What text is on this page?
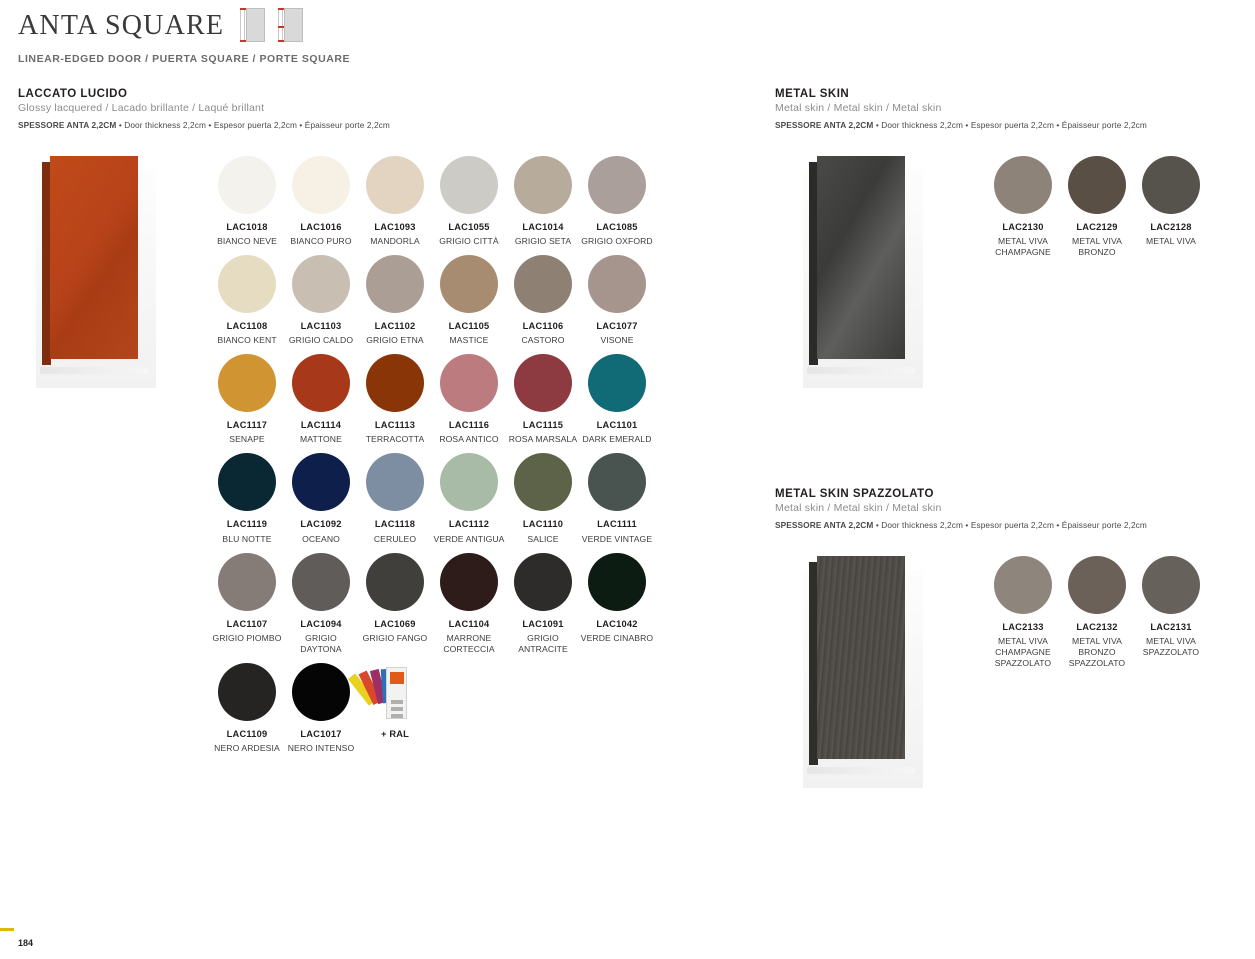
ANTA SQUARE
LINEAR-EDGED DOOR / PUERTA SQUARE / PORTE SQUARE
LACCATO LUCIDO
Glossy lacquered / Lacado brillante / Laqué brillant
SPESSORE ANTA 2,2CM • Door thickness 2,2cm • Espesor puerta 2,2cm • Épaisseur porte 2,2cm
LAC1018
BIANCO NEVE
LAC1016
BIANCO PURO
LAC1093
MANDORLA
LAC1055
GRIGIO CITTÀ
LAC1014
GRIGIO SETA
LAC1085
GRIGIO OXFORD
LAC1108
BIANCO KENT
LAC1103
GRIGIO CALDO
LAC1102
GRIGIO ETNA
LAC1105
MASTICE
LAC1106
CASTORO
LAC1077
VISONE
LAC1117
SENAPE
LAC1114
MATTONE
LAC1113
TERRACOTTA
LAC1116
ROSA ANTICO
LAC1115
ROSA MARSALA
LAC1101
DARK EMERALD
LAC1119
BLU NOTTE
LAC1092
OCEANO
LAC1118
CERULEO
LAC1112
VERDE ANTIGUA
LAC1110
SALICE
LAC1111
VERDE VINTAGE
LAC1107
GRIGIO PIOMBO
LAC1094
GRIGIO DAYTONA
LAC1069
GRIGIO FANGO
LAC1104
MARRONE CORTECCIA
LAC1091
GRIGIO ANTRACITE
LAC1042
VERDE CINABRO
LAC1109
NERO ARDESIA
LAC1017
NERO INTENSO
+ RAL
METAL SKIN
Metal skin / Metal skin / Metal skin
SPESSORE ANTA 2,2CM • Door thickness 2,2cm • Espesor puerta 2,2cm • Épaisseur porte 2,2cm
LAC2130
METAL VIVA CHAMPAGNE
LAC2129
METAL VIVA BRONZO
LAC2128
METAL VIVA
METAL SKIN SPAZZOLATO
Metal skin / Metal skin / Metal skin
SPESSORE ANTA 2,2CM • Door thickness 2,2cm • Espesor puerta 2,2cm • Épaisseur porte 2,2cm
LAC2133
METAL VIVA CHAMPAGNE SPAZZOLATO
LAC2132
METAL VIVA BRONZO SPAZZOLATO
LAC2131
METAL VIVA SPAZZOLATO
184
